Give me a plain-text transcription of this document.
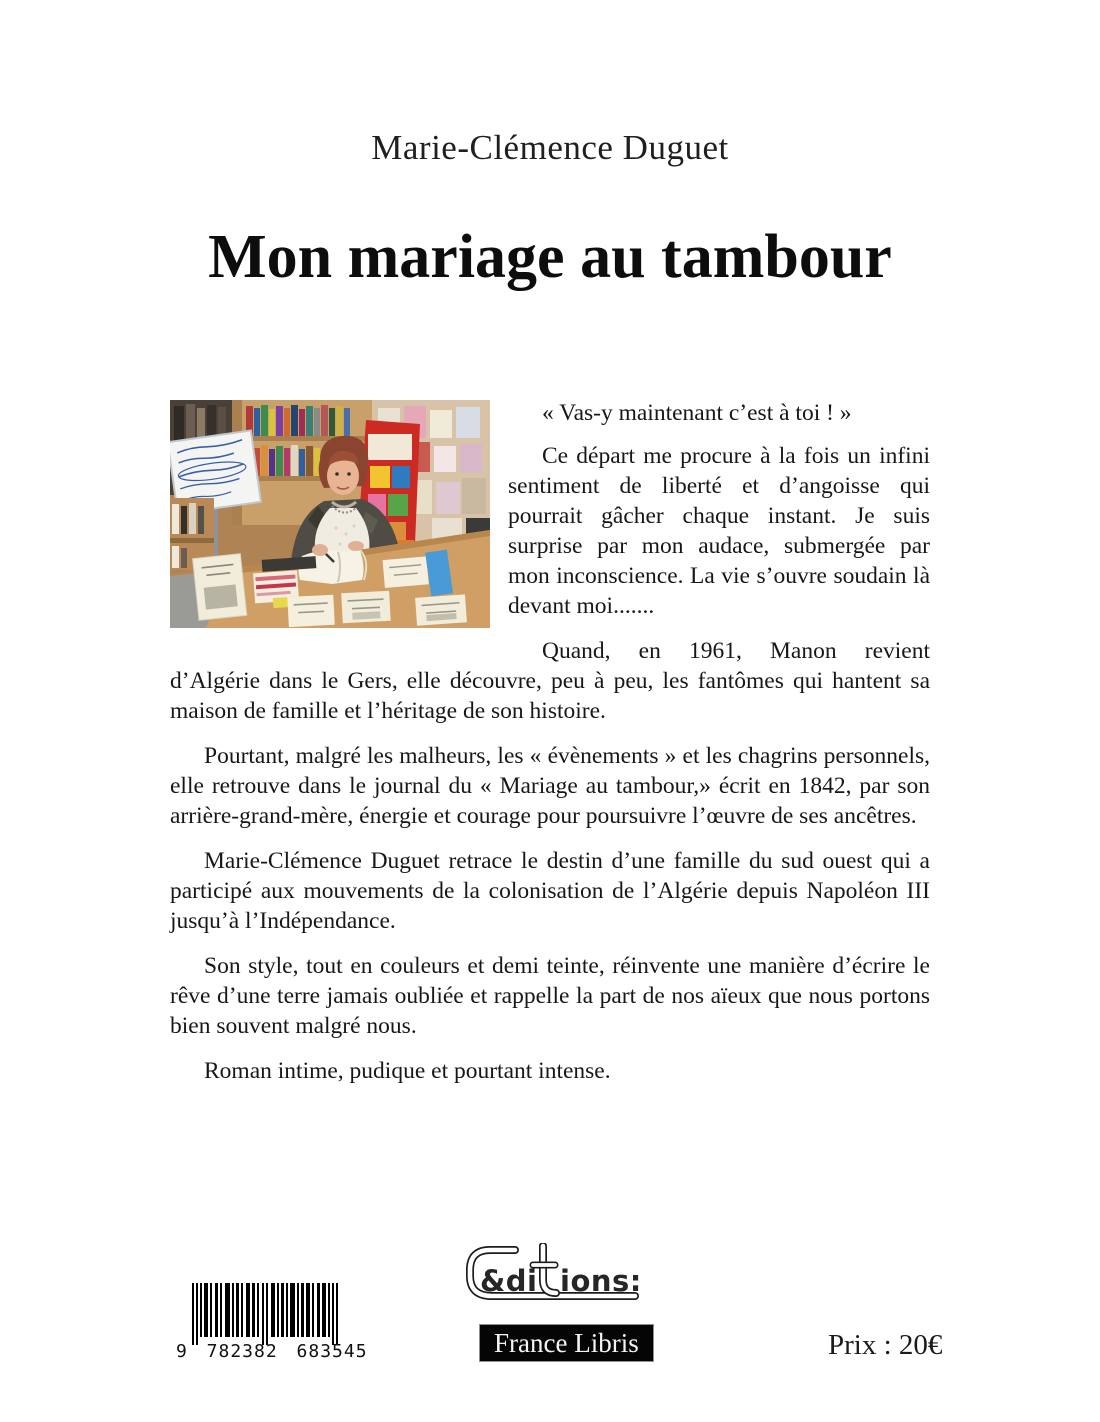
Marie-Clémence Duguet
Mon mariage au tambour

« Vas-y maintenant c’est à toi ! »

Ce départ me procure à la fois un infini sentiment de liberté et d’angoisse qui pourrait gâcher chaque instant. Je suis surprise par mon audace, submergée par mon inconscience. La vie s’ouvre soudain là devant moi.......

Quand, en 1961, Manon revient d’Algérie dans le Gers, elle découvre, peu à peu, les fantômes qui hantent sa maison de famille et l’héritage de son histoire.

Pourtant, malgré les malheurs, les « évènements » et les chagrins personnels, elle retrouve dans le journal du « Mariage au tambour,» écrit en 1842, par son arrière-grand-mère, énergie et courage pour poursuivre l’œuvre de ses ancêtres.

Marie-Clémence Duguet retrace le destin d’une famille du sud ouest qui a participé aux mouvements de la colonisation de l’Algérie depuis Napoléon III jusqu’à l’Indépendance.

Son style, tout en couleurs et demi teinte, réinvente une manière d’écrire le rêve d’une terre jamais oubliée et rappelle la part de nos aïeux que nous portons bien souvent malgré nous.

Roman intime, pudique et pourtant intense.

9 782382 683545
&di ions:
France Libris	Prix : 20€
